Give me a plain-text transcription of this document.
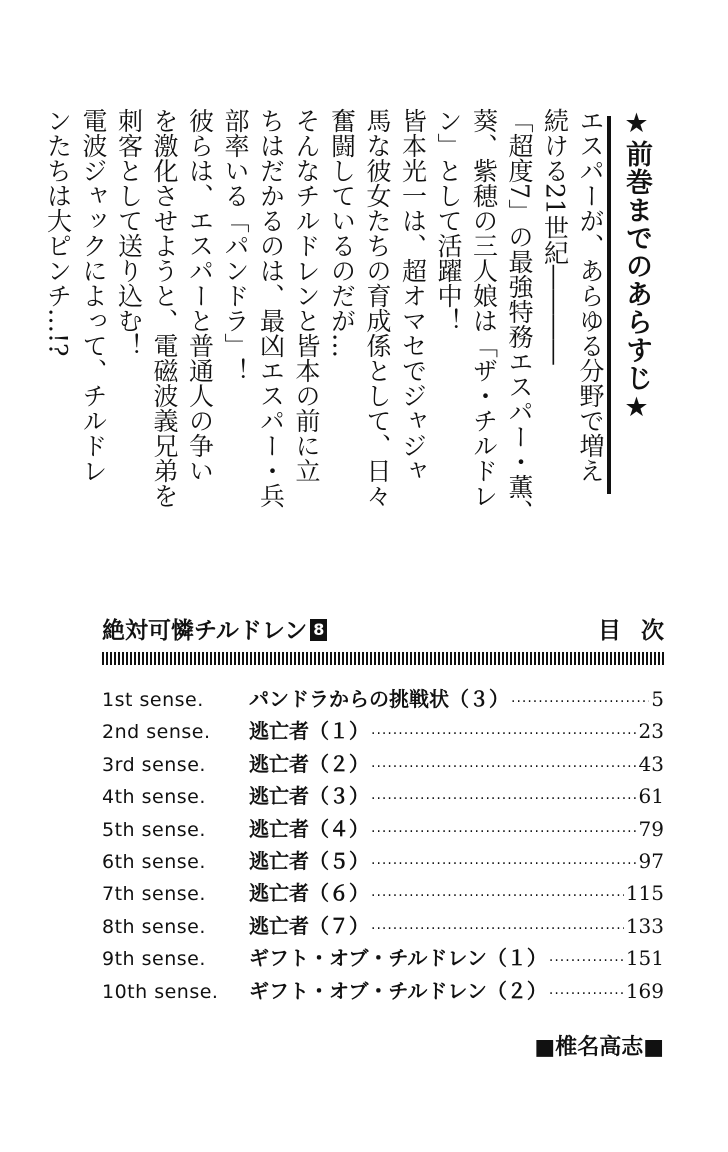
★前巻までのあらすじ★
エスパーが、あらゆる分野で増え
続ける21世紀――――
「超度7」の最強特務エスパー・薫、
葵、紫穂の三人娘は「ザ・チルドレ
ン」として活躍中！
皆本光一は、超オマセでジャジャ
馬な彼女たちの育成係として、日々
奮闘しているのだが…
そんなチルドレンと皆本の前に立
ちはだかるのは、最凶エスパー・兵
部率いる「パンドラ」！
彼らは、エスパーと普通人の争い
を激化させようと、電磁波義兄弟を
刺客として送り込む！
電波ジャックによって、チルドレ
ンたちは大ピンチ…!?
絶対可憐チルドレン 8	目次
1st sense.	パンドラからの挑戦状（３） ·····	5
2nd sense.	逃亡者（１） ·····	23
3rd sense.	逃亡者（２） ·····	43
4th sense.	逃亡者（３） ·····	61
5th sense.	逃亡者（４） ·····	79
6th sense.	逃亡者（５） ·····	97
7th sense.	逃亡者（６） ·····	115
8th sense.	逃亡者（７） ·····	133
9th sense.	ギフト・オブ・チルドレン（１） ·····	151
10th sense.	ギフト・オブ・チルドレン（２） ·····	169
■椎名高志■
